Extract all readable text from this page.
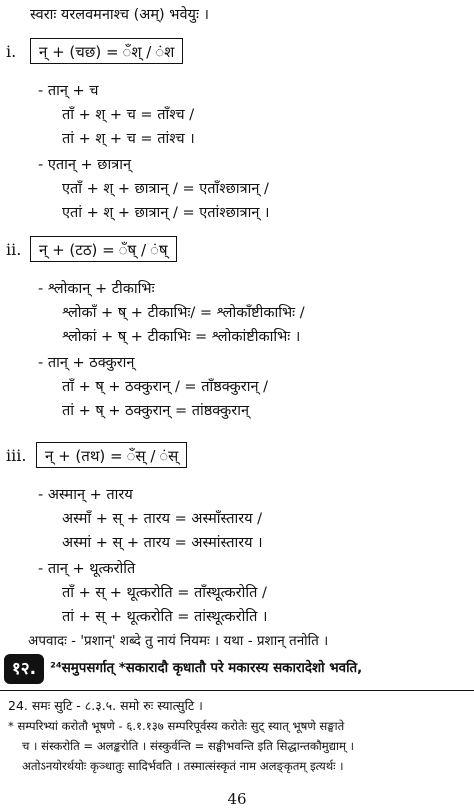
स्वराः यरलवमनाश्च (अम्) भवेयुः ।
i.	न् + (चछ) = ँश् / ंश
- तान् + च
ताँ + श् + च = ताँश्च /
तां + श् + च = तांश्च ।
- एतान् + छात्रान्
एताँ + श् + छात्रान् / = एताँश्छात्रान् /
एतां + श् + छात्रान् / = एतांश्छात्रान् ।
ii.	न् + (टठ) = ँष् / ंष्
- श्लोकान् + टीकाभिः
श्लोकाँ + ष् + टीकाभिः/ = श्लोकाँष्टीकाभिः /
श्लोकां + ष् + टीकाभिः = श्लोकांष्टीकाभिः ।
- तान् + ठक्कुरान्
ताँ + ष् + ठक्कुरान् / = ताँष्ठक्कुरान् /
तां + ष् + ठक्कुरान् = तांष्ठक्कुरान्
iii.	न् + (तथ) = ँस् / ंस्
- अस्मान् + तारय
अस्माँ + स् + तारय = अस्माँस्तारय /
अस्मां + स् + तारय = अस्मांस्तारय ।
- तान् + थूत्करोति
ताँ + स् + थूत्करोति = ताँस्थूत्करोति /
तां + स् + थूत्करोति = तांस्थूत्करोति ।
अपवादः - 'प्रशान्' शब्दे तु नायं नियमः । यथा - प्रशान् तनोति ।
१२.	²⁴समुपसर्गात् *सकारादौ कृधातौ परे मकारस्य सकारादेशो भवति,
24. समः सुटि - ८.३.५. समो रुः स्यात्सुटि ।
* सम्परिभ्यां करोतौ भूषणे - ६.१.१३७ सम्परिपूर्वस्य करोतेः सुट् स्यात् भूषणे सङ्घाते
च । संस्करोति = अलङ्करोति । संस्कुर्वन्ति = सङ्घीभवन्ति इति सिद्धान्तकौमुद्याम् ।
अतोऽनयोरर्थयोः कृञ्धातुः सादिर्भवति । तस्मात्संस्कृतं नाम अलङ्कृतम् इत्यर्थः ।
46
